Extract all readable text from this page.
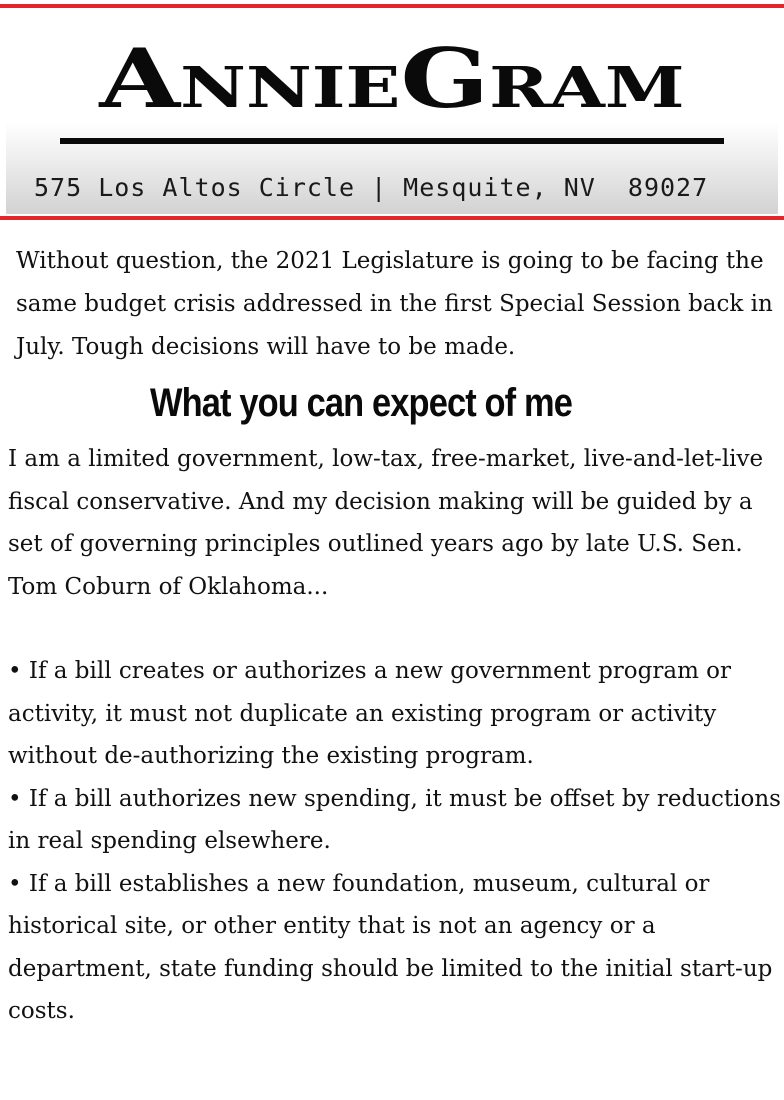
ANNIEGRAM
575 Los Altos Circle | Mesquite, NV  89027

Without question, the 2021 Legislature is going to be facing the same budget crisis addressed in the first Special Session back in July. Tough decisions will have to be made.

What you can expect of me

I am a limited government, low-tax, free-market, live-and-let-live fiscal conservative. And my decision making will be guided by a set of governing principles outlined years ago by late U.S. Sen. Tom Coburn of Oklahoma...

• If a bill creates or authorizes a new government program or activity, it must not duplicate an existing program or activity without de-authorizing the existing program.
• If a bill authorizes new spending, it must be offset by reductions in real spending elsewhere.
• If a bill establishes a new foundation, museum, cultural or historical site, or other entity that is not an agency or a department, state funding should be limited to the initial start-up costs.
